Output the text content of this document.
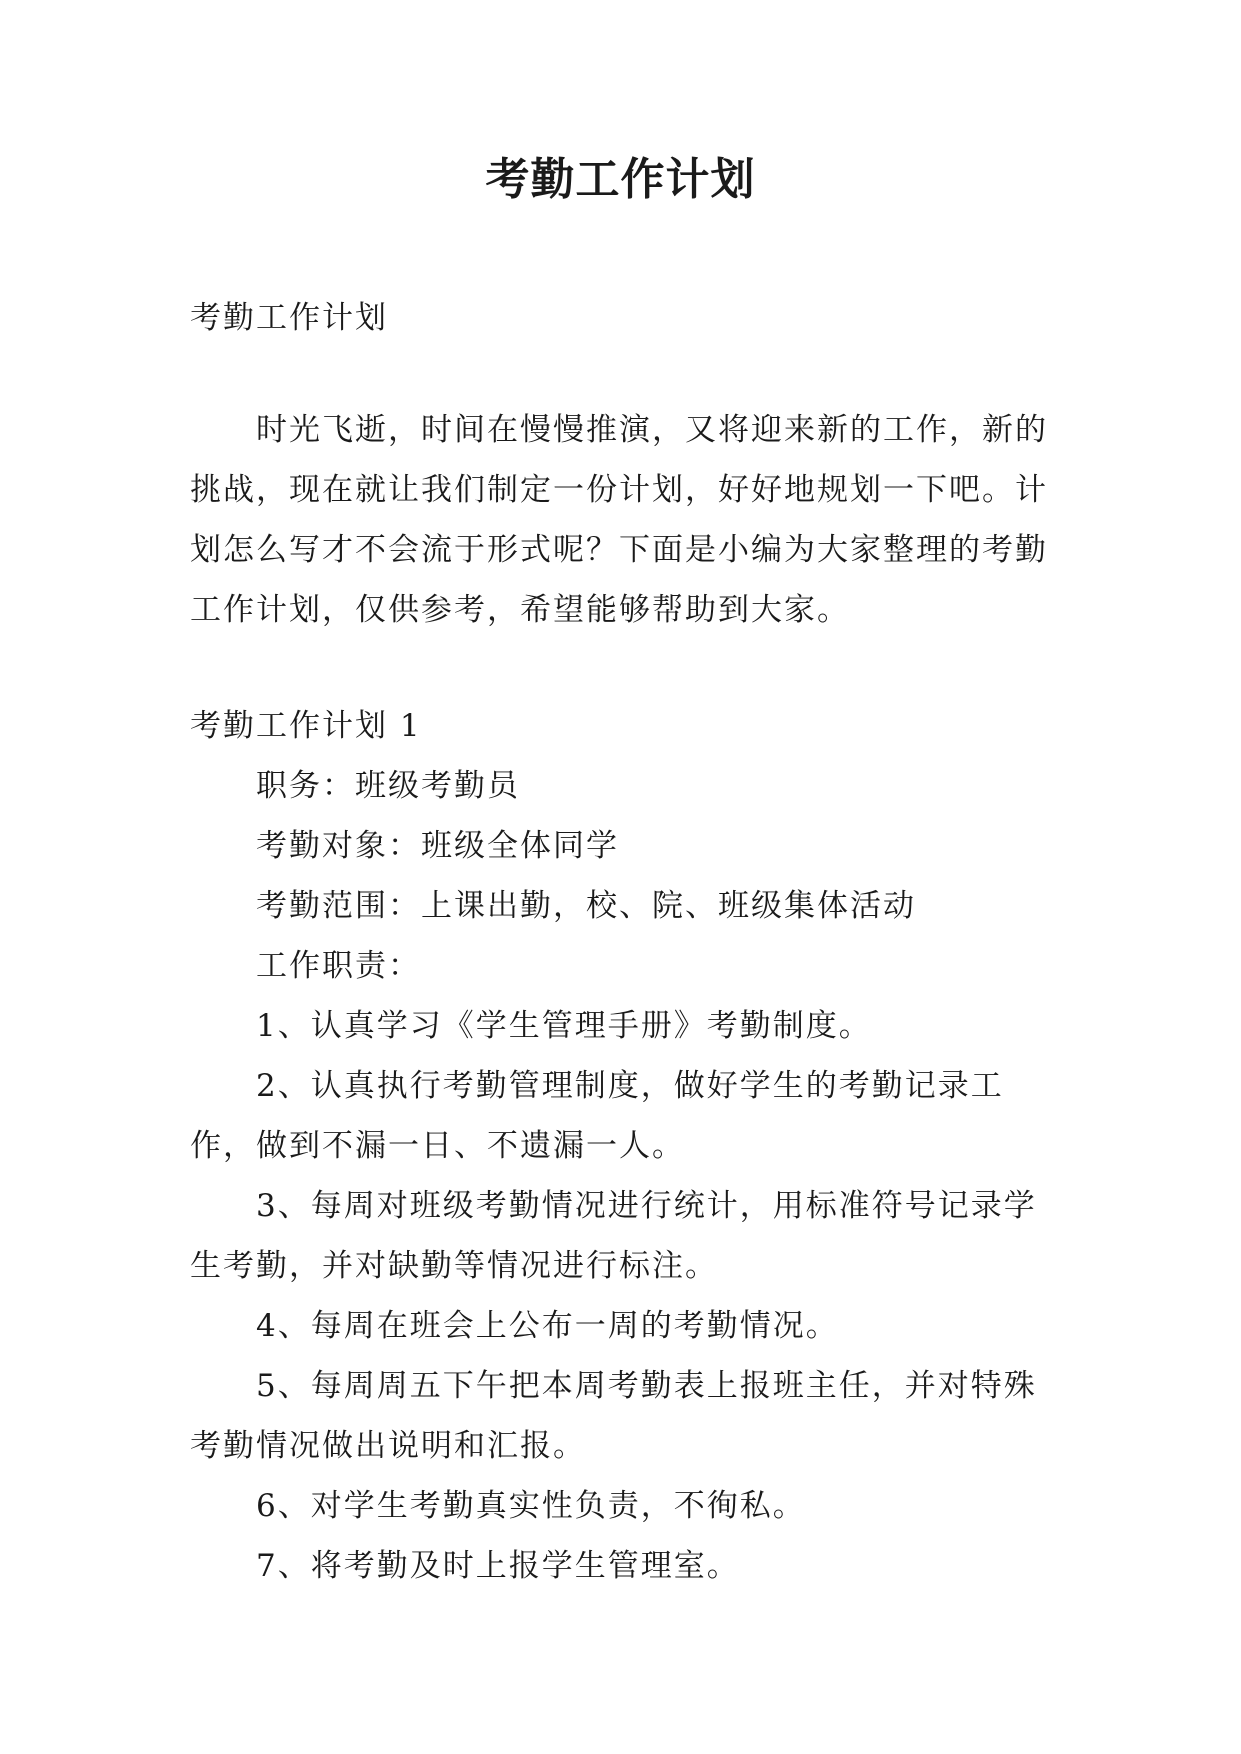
考勤工作计划

考勤工作计划

时光飞逝，时间在慢慢推演，又将迎来新的工作，新的挑战，现在就让我们制定一份计划，好好地规划一下吧。计划怎么写才不会流于形式呢？下面是小编为大家整理的考勤工作计划，仅供参考，希望能够帮助到大家。

考勤工作计划 1

职务：班级考勤员

考勤对象：班级全体同学

考勤范围：上课出勤，校、院、班级集体活动

工作职责：

1、认真学习《学生管理手册》考勤制度。

2、认真执行考勤管理制度，做好学生的考勤记录工作，做到不漏一日、不遗漏一人。

3、每周对班级考勤情况进行统计，用标准符号记录学生考勤，并对缺勤等情况进行标注。

4、每周在班会上公布一周的考勤情况。

5、每周周五下午把本周考勤表上报班主任，并对特殊考勤情况做出说明和汇报。

6、对学生考勤真实性负责，不徇私。

7、将考勤及时上报学生管理室。
